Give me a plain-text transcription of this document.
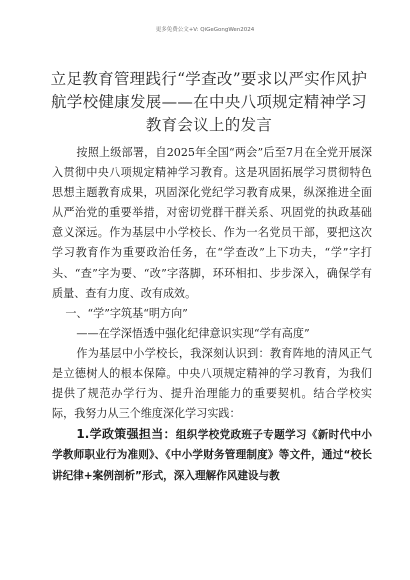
更多免费公文+V: QiGeGongWen2024
立足教育管理践行“学查改”要求以严实作风护航学校健康发展——在中央八项规定精神学习教育会议上的发言

按照上级部署，自2025年全国“两会”后至7月在全党开展深入贯彻中央八项规定精神学习教育。这是巩固拓展学习贯彻特色思想主题教育成果，巩固深化党纪学习教育成果，纵深推进全面从严治党的重要举措，对密切党群干群关系、巩固党的执政基础意义深远。作为基层中小学校长、作为一名党员干部，要把这次学习教育作为重要政治任务，在“学查改”上下功夫，“学”字打头、“查”字为要、“改”字落脚，环环相扣、步步深入，确保学有质量、查有力度、改有成效。

一、“学”字筑基“明方向”

——在学深悟透中强化纪律意识实现“学有高度”

作为基层中小学校长，我深刻认识到：教育阵地的清风正气是立德树人的根本保障。中央八项规定精神的学习教育，为我们提供了规范办学行为、提升治理能力的重要契机。结合学校实际，我努力从三个维度深化学习实践：

1.学政策强担当：组织学校党政班子专题学习《新时代中小学教师职业行为准则》、《中小学财务管理制度》等文件，通过“校长讲纪律+案例剖析”形式，深入理解作风建设与教
